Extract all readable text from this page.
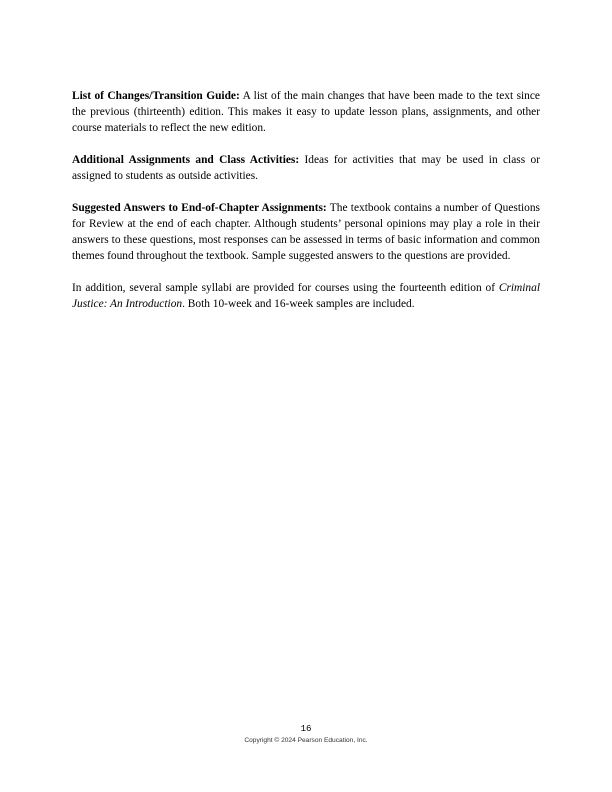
List of Changes/Transition Guide: A list of the main changes that have been made to the text since the previous (thirteenth) edition. This makes it easy to update lesson plans, assignments, and other course materials to reflect the new edition.

Additional Assignments and Class Activities: Ideas for activities that may be used in class or assigned to students as outside activities.

Suggested Answers to End-of-Chapter Assignments: The textbook contains a number of Questions for Review at the end of each chapter. Although students’ personal opinions may play a role in their answers to these questions, most responses can be assessed in terms of basic information and common themes found throughout the textbook. Sample suggested answers to the questions are provided.

In addition, several sample syllabi are provided for courses using the fourteenth edition of Criminal Justice: An Introduction. Both 10-week and 16-week samples are included.

16
Copyright © 2024 Pearson Education, Inc.
